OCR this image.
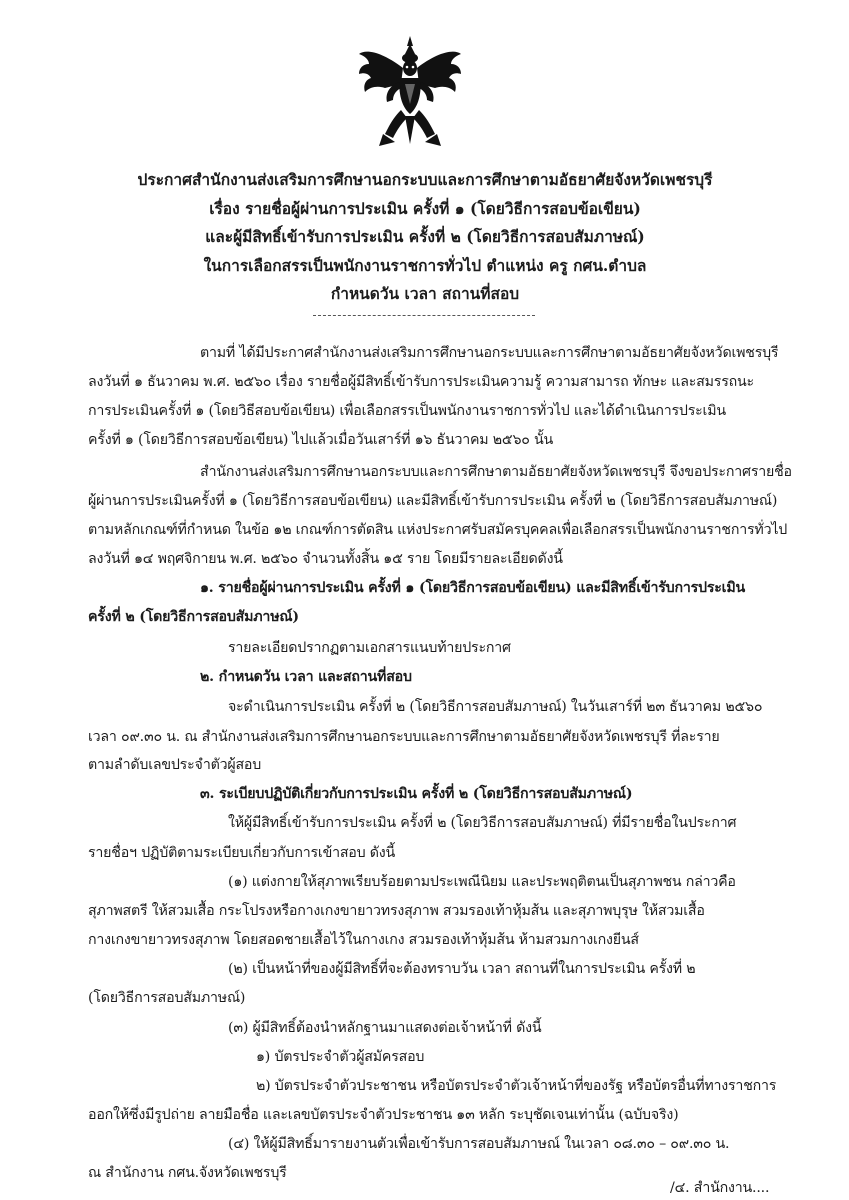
ประกาศสำนักงานส่งเสริมการศึกษานอกระบบและการศึกษาตามอัธยาศัยจังหวัดเพชรบุรี
เรื่อง รายชื่อผู้ผ่านการประเมิน ครั้งที่ ๑ (โดยวิธีการสอบข้อเขียน)
และผู้มีสิทธิ์เข้ารับการประเมิน ครั้งที่ ๒ (โดยวิธีการสอบสัมภาษณ์)
ในการเลือกสรรเป็นพนักงานราชการทั่วไป ตำแหน่ง ครู กศน.ตำบล
กำหนดวัน เวลา สถานที่สอบ
ตามที่ ได้มีประกาศสำนักงานส่งเสริมการศึกษานอกระบบและการศึกษาตามอัธยาศัยจังหวัดเพชรบุรี
ลงวันที่ ๑ ธันวาคม พ.ศ. ๒๕๖๐ เรื่อง รายชื่อผู้มีสิทธิ์เข้ารับการประเมินความรู้ ความสามารถ ทักษะ และสมรรถนะ
การประเมินครั้งที่ ๑ (โดยวิธีสอบข้อเขียน) เพื่อเลือกสรรเป็นพนักงานราชการทั่วไป และได้ดำเนินการประเมิน
ครั้งที่ ๑ (โดยวิธีการสอบข้อเขียน) ไปแล้วเมื่อวันเสาร์ที่ ๑๖ ธันวาคม ๒๕๖๐ นั้น
สำนักงานส่งเสริมการศึกษานอกระบบและการศึกษาตามอัธยาศัยจังหวัดเพชรบุรี จึงขอประกาศรายชื่อ
ผู้ผ่านการประเมินครั้งที่ ๑ (โดยวิธีการสอบข้อเขียน) และมีสิทธิ์เข้ารับการประเมิน ครั้งที่ ๒ (โดยวิธีการสอบสัมภาษณ์)
ตามหลักเกณฑ์ที่กำหนด ในข้อ ๑๒ เกณฑ์การตัดสิน แห่งประกาศรับสมัครบุคคลเพื่อเลือกสรรเป็นพนักงานราชการทั่วไป
ลงวันที่ ๑๔ พฤศจิกายน พ.ศ. ๒๕๖๐ จำนวนทั้งสิ้น ๑๕ ราย โดยมีรายละเอียดดังนี้
๑. รายชื่อผู้ผ่านการประเมิน ครั้งที่ ๑ (โดยวิธีการสอบข้อเขียน) และมีสิทธิ์เข้ารับการประเมิน
ครั้งที่ ๒ (โดยวิธีการสอบสัมภาษณ์)
รายละเอียดปรากฏตามเอกสารแนบท้ายประกาศ
๒. กำหนดวัน เวลา และสถานที่สอบ
จะดำเนินการประเมิน ครั้งที่ ๒ (โดยวิธีการสอบสัมภาษณ์) ในวันเสาร์ที่ ๒๓ ธันวาคม ๒๕๖๐
เวลา ๐๙.๓๐ น. ณ สำนักงานส่งเสริมการศึกษานอกระบบและการศึกษาตามอัธยาศัยจังหวัดเพชรบุรี ที่ละราย
ตามลำดับเลขประจำตัวผู้สอบ
๓. ระเบียบปฏิบัติเกี่ยวกับการประเมิน ครั้งที่ ๒ (โดยวิธีการสอบสัมภาษณ์)
ให้ผู้มีสิทธิ์เข้ารับการประเมิน ครั้งที่ ๒ (โดยวิธีการสอบสัมภาษณ์) ที่มีรายชื่อในประกาศ
รายชื่อฯ ปฏิบัติตามระเบียบเกี่ยวกับการเข้าสอบ ดังนี้
(๑) แต่งกายให้สุภาพเรียบร้อยตามประเพณีนิยม และประพฤติตนเป็นสุภาพชน กล่าวคือ
สุภาพสตรี ให้สวมเสื้อ กระโปรงหรือกางเกงขายาวทรงสุภาพ สวมรองเท้าหุ้มส้น และสุภาพบุรุษ ให้สวมเสื้อ
กางเกงขายาวทรงสุภาพ โดยสอดชายเสื้อไว้ในกางเกง สวมรองเท้าหุ้มส้น ห้ามสวมกางเกงยีนส์
(๒) เป็นหน้าที่ของผู้มีสิทธิ์ที่จะต้องทราบวัน เวลา สถานที่ในการประเมิน ครั้งที่ ๒
(โดยวิธีการสอบสัมภาษณ์)
(๓) ผู้มีสิทธิ์ต้องนำหลักฐานมาแสดงต่อเจ้าหน้าที่ ดังนี้
๑) บัตรประจำตัวผู้สมัครสอบ
๒) บัตรประจำตัวประชาชน หรือบัตรประจำตัวเจ้าหน้าที่ของรัฐ หรือบัตรอื่นที่ทางราชการ
ออกให้ซึ่งมีรูปถ่าย ลายมือชื่อ และเลขบัตรประจำตัวประชาชน ๑๓ หลัก ระบุชัดเจนเท่านั้น (ฉบับจริง)
(๔) ให้ผู้มีสิทธิ์มารายงานตัวเพื่อเข้ารับการสอบสัมภาษณ์ ในเวลา ๐๘.๓๐ – ๐๙.๓๐ น.
ณ สำนักงาน กศน.จังหวัดเพชรบุรี
/๔. สำนักงาน....
